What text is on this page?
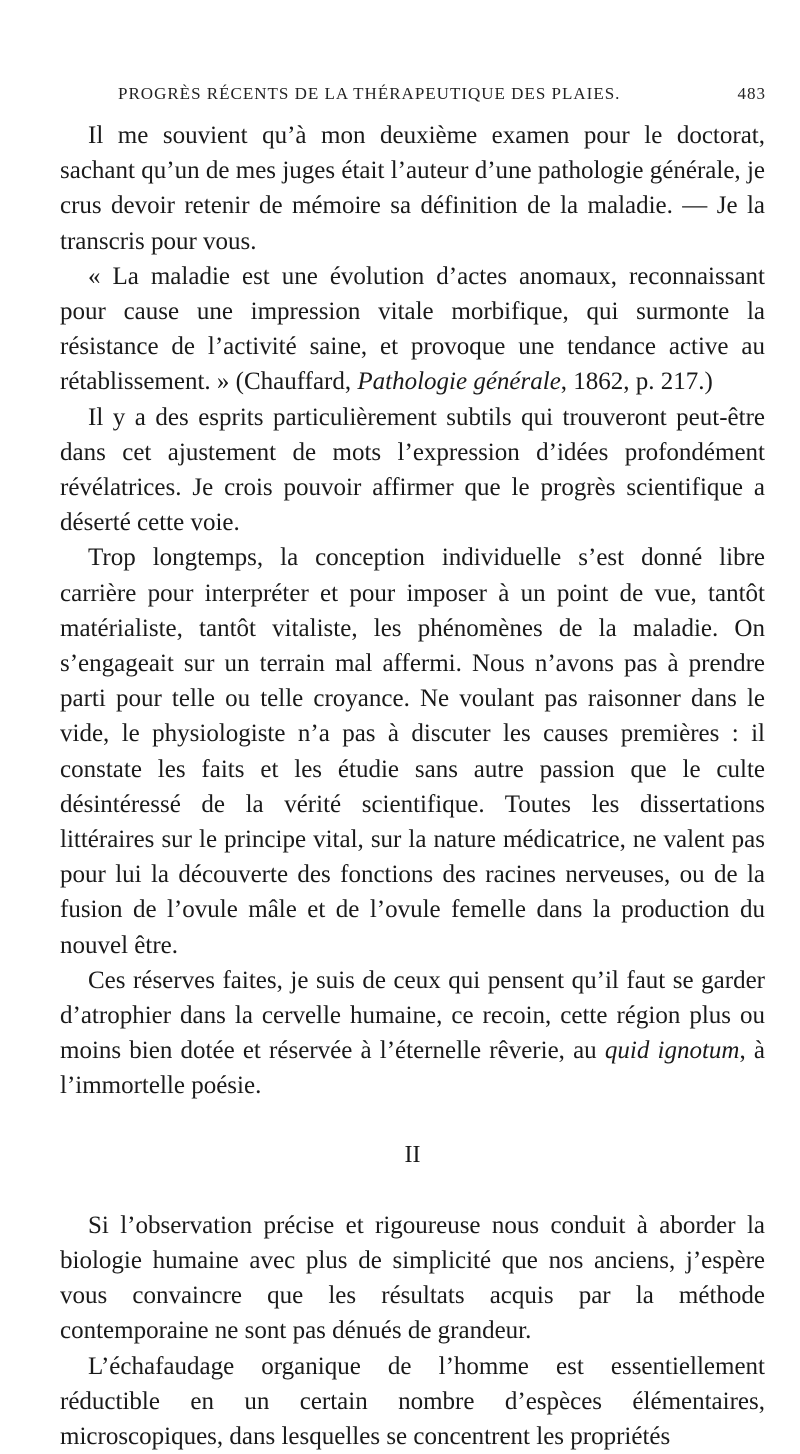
PROGRÈS RÉCENTS DE LA THÉRAPEUTIQUE DES PLAIES.	483

Il me souvient qu’à mon deuxième examen pour le doctorat, sachant qu’un de mes juges était l’auteur d’une pathologie générale, je crus devoir retenir de mémoire sa définition de la maladie. — Je la transcris pour vous.

« La maladie est une évolution d’actes anomaux, reconnaissant pour cause une impression vitale morbifique, qui surmonte la résistance de l’activité saine, et provoque une tendance active au rétablissement. » (Chauffard, Pathologie générale, 1862, p. 217.)

Il y a des esprits particulièrement subtils qui trouveront peut-être dans cet ajustement de mots l’expression d’idées profondément révélatrices. Je crois pouvoir affirmer que le progrès scientifique a déserté cette voie.

Trop longtemps, la conception individuelle s’est donné libre carrière pour interpréter et pour imposer à un point de vue, tantôt matérialiste, tantôt vitaliste, les phénomènes de la maladie. On s’engageait sur un terrain mal affermi. Nous n’avons pas à prendre parti pour telle ou telle croyance. Ne voulant pas raisonner dans le vide, le physiologiste n’a pas à discuter les causes premières : il constate les faits et les étudie sans autre passion que le culte désintéressé de la vérité scientifique. Toutes les dissertations littéraires sur le principe vital, sur la nature médicatrice, ne valent pas pour lui la découverte des fonctions des racines nerveuses, ou de la fusion de l’ovule mâle et de l’ovule femelle dans la production du nouvel être.

Ces réserves faites, je suis de ceux qui pensent qu’il faut se garder d’atrophier dans la cervelle humaine, ce recoin, cette région plus ou moins bien dotée et réservée à l’éternelle rêverie, au quid ignotum, à l’immortelle poésie.

II

Si l’observation précise et rigoureuse nous conduit à aborder la biologie humaine avec plus de simplicité que nos anciens, j’espère vous convaincre que les résultats acquis par la méthode contemporaine ne sont pas dénués de grandeur.

L’échafaudage organique de l’homme est essentiellement réductible en un certain nombre d’espèces élémentaires, microscopiques, dans lesquelles se concentrent les propriétés
